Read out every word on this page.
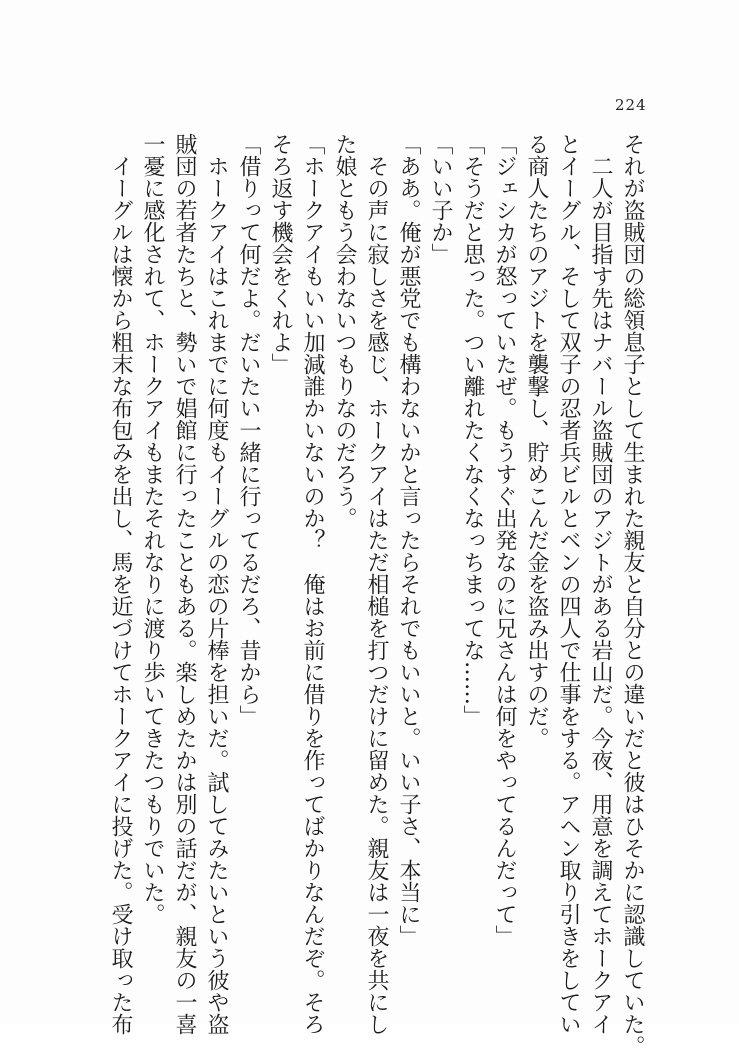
224
それが盗賊団の総領息子として生まれた親友と自分との違いだと彼はひそかに認識していた。
　二人が目指す先はナバール盗賊団のアジトがある岩山だ。今夜、用意を調えてホークアイ
とイーグル、そして双子の忍者兵ビルとベンの四人で仕事をする。アヘン取り引きをしてい
る商人たちのアジトを襲撃し、貯めこんだ金を盗み出すのだ。
「ジェシカが怒っていたぜ。もうすぐ出発なのに兄さんは何をやってるんだって」
「そうだと思った。つい離れたくなくなっちまってな……」
「いい子か」
「ああ。俺が悪党でも構わないかと言ったらそれでもいいと。いい子さ、本当に」
　その声に寂しさを感じ、ホークアイはただ相槌を打つだけに留めた。親友は一夜を共にし
た娘ともう会わないつもりなのだろう。
「ホークアイもいい加減誰かいないのか？　俺はお前に借りを作ってばかりなんだぞ。そろ
そろ返す機会をくれよ」
「借りって何だよ。だいたい一緒に行ってるだろ、昔から」
　ホークアイはこれまでに何度もイーグルの恋の片棒を担いだ。試してみたいという彼や盗
賊団の若者たちと、勢いで娼館に行ったこともある。楽しめたかは別の話だが、親友の一喜
一憂に感化されて、ホークアイもまたそれなりに渡り歩いてきたつもりでいた。
　イーグルは懐から粗末な布包みを出し、馬を近づけてホークアイに投げた。受け取った布
